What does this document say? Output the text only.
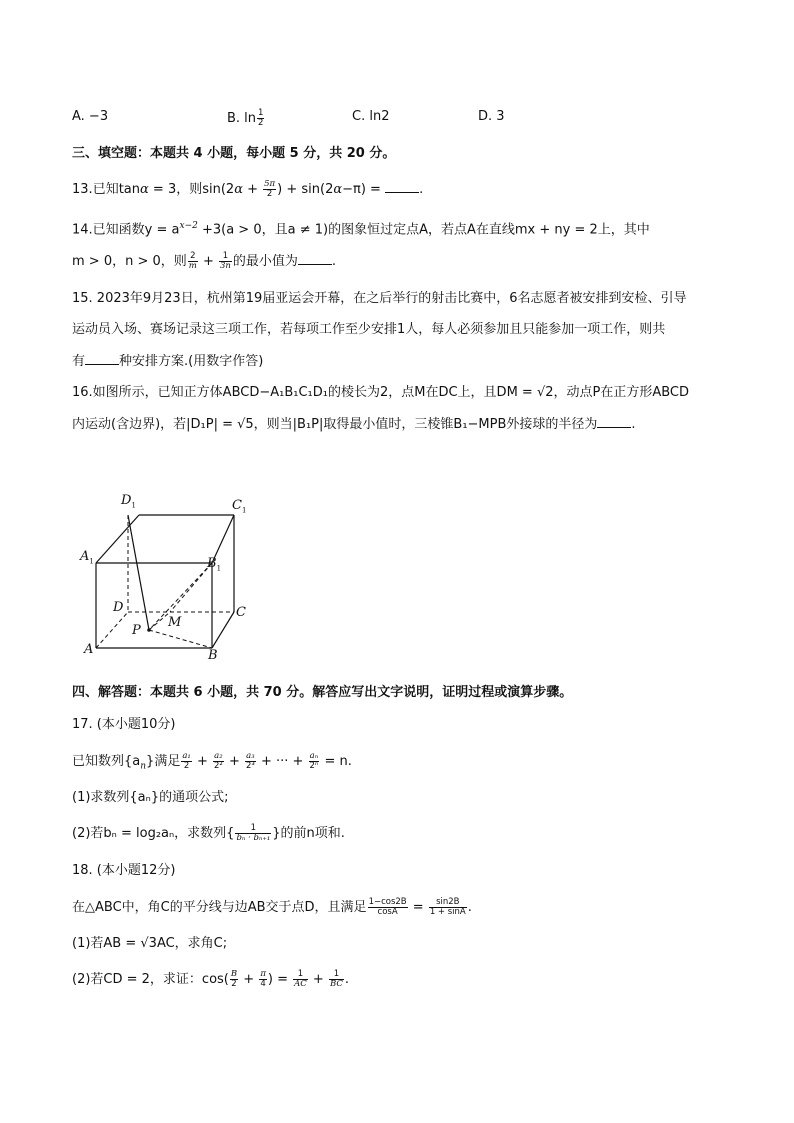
A. −3	B. $\ln \frac{1}{2}$	C. ln2	D. 3
三、填空题：本题共 4 小题，每小题 5 分，共 20 分。
13.已知tanα = 3，则$\sin(2\alpha + \frac{5\pi}{2}$ ) + sin(2α−π) =	.
14.已知函数$y = a^{x-2} +3(a > 0$，且a ≠ 1)的图象恒过定点A，若点A在直线mx + ny = 2上，其中
m > 0，n > 0，则 $\frac{2}{m} + \frac{1}{3n}$ 的最小值为	.
15. 2023年9月23日，杭州第19届亚运会开幕，在之后举行的射击比赛中，6名志愿者被安排到安检、引导
运动员入场、赛场记录这三项工作，若每项工作至少安排1人，每人必须参加且只能参加一项工作，则共
有	种安排方案.(用数字作答)
16.如图所示，已知正方体ABCD−A₁B₁C₁D₁的棱长为2，点M在DC上，且DM = √2，动点P在正方形ABCD
内运动(含边界)，若|D₁P| = √5，则当|B₁P|取得最小值时，三棱锥B₁−MPB外接球的半径为	.
$D_1$	$C_1$
$A_1$	$B_1$
D	C
P
M
A	B
四、解答题：本题共 6 小题，共 70 分。解答应写出文字说明，证明过程或演算步骤。
17. (本小题10分)
已知数列$\{a_n\}$满足 $\frac{\text{a₁}}{2} + \frac{\text{a₂}}{\text{2²}} + \frac{\text{a₃}}{\text{2³}}$ + ··· + $\frac{\text{aₙ}}{\text{2ⁿ}} = n$.
(1)求数列{aₙ}的通项公式;
(2)若bₙ = log₂aₙ，求数列{ $\frac{1}{\text{bₙ · bₙ₊₁}}$ }的前n项和.
18. (本小题12分)
在△ABC中，角C的平分线与边AB交于点D，且满足 $\frac{1-\cos 2B}{\cos A} = \frac{\sin 2B}{1 + \sin A}$ .
(1)若AB = √3AC，求角C;
(2)若CD = 2，求证：$\cos( \frac{B}{2} + \frac{\pi}{4}$ ) = $\frac{1}{AC} + \frac{1}{BC}$ .
